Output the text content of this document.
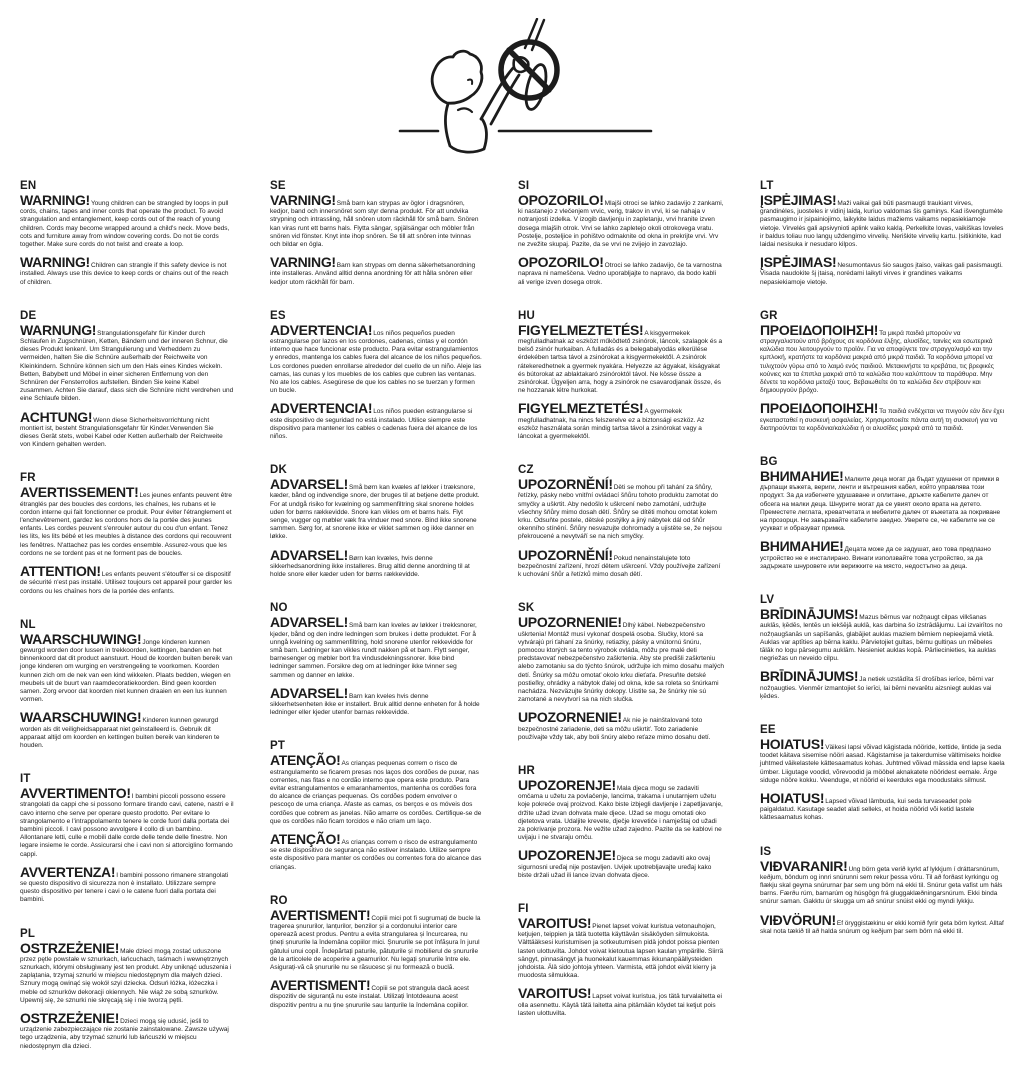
EN

WARNING!Young children can be strangled by loops in pull cords, chains, tapes and inner cords that operate the product. To avoid strangulation and entanglement, keep cords out of the reach of young children. Cords may become wrapped around a child's neck. Move beds, cots and furniture away from window covering cords. Do not tie cords together. Make sure cords do not twist and create a loop.

WARNING!Children can strangle if this safety device is not installed. Always use this device to keep cords or chains out of the reach of children.

DE

WARNUNG!Strangulationsgefahr für Kinder durch Schlaufen in Zugschnüren, Ketten, Bändern und der inneren Schnur, die dieses Produkt lenken!. Um Strangulierung und Verheddern zu vermeiden, halten Sie die Schnüre außerhalb der Reichweite von Kleinkindern. Schnüre können sich um den Hals eines Kindes wickeln. Betten, Babybett und Möbel in einer sicheren Entfernung von den Schnüren der Fensterrollos aufstellen. Binden Sie keine Kabel zusammen. Achten Sie darauf, dass sich die Schnüre nicht verdrehen und eine Schlaufe bilden.

ACHTUNG!Wenn diese Sicherheitsvorrichtung nicht montiert ist, besteht Strangulationsgefahr für Kinder.Verwenden Sie dieses Gerät stets, wobei Kabel oder Ketten außerhalb der Reichweite von Kindern gehalten werden.

FR

AVERTISSEMENT!Les jeunes enfants peuvent être étranglés par des boucles des cordons, les chaînes, les rubans et le cordon interne qui fait fonctionner ce produit. Pour éviter l'étranglement et l'enchevêtrement, gardez les cordons hors de la portée des jeunes enfants. Les cordes peuvent s'enrouler autour du cou d'un enfant. Tenez les lits, les lits bébé et les meubles à distance des cordons qui recouvrent les fenêtres. N'attachez pas les cordes ensemble. Assurez-vous que les cordons ne se tordent pas et ne forment pas de boucles.

ATTENTION!Les enfants peuvent s'étouffer si ce dispositif de sécurité n'est pas installé. Utilisez toujours cet appareil pour garder les cordons ou les chaînes hors de la portée des enfants.

NL

WAARSCHUWING!Jonge kinderen kunnen gewurgd worden door lussen in trekkoorden, kettingen, banden en het binnenkoord dat dit product aanstuurt. Houd de koorden buiten bereik van jonge kinderen om wurging en verstrengeling te voorkomen. Koorden kunnen zich om de nek van een kind wikkelen. Plaats bedden, wiegen en meubels uit de buurt van raamdecoratiekoorden. Bind geen koorden samen. Zorg ervoor dat koorden niet kunnen draaien en een lus kunnen vormen.

WAARSCHUWING!Kinderen kunnen gewurgd worden als dit veiligheidsapparaat niet geïnstalleerd is. Gebruik dit apparaat altijd om koorden en kettingen buiten bereik van kinderen te houden.

IT

AVVERTIMENTO!I bambini piccoli possono essere strangolati da cappi che si possono formare tirando cavi, catene, nastri e il cavo interno che serve per operare questo prodotto. Per evitare lo strangolamento e l'intrappolamento tenere le corde fuori dalla portata dei bambini piccoli. I cavi possono avvolgere il collo di un bambino. Allontanare letti, culle e mobili dalle corde delle tende delle finestre. Non legare insieme le corde. Assicurarsi che i cavi non si attorciglino formando cappi.

AVVERTENZA!I bambini possono rimanere strangolati se questo dispositivo di sicurezza non è installato. Utilizzare sempre questo dispositivo per tenere i cavi o le catene fuori dalla portata dei bambini.

PL

OSTRZEŻENIE!Małe dzieci mogą zostać uduszone przez pętle powstałe w sznurkach, łańcuchach, taśmach i wewnętrznych sznurkach, którymi obsługiwany jest ten produkt. Aby uniknąć uduszenia i zaplątania, trzymaj sznurki w miejscu niedostępnym dla małych dzieci. Sznury mogą owinąć się wokół szyi dziecka. Odsuń łóżka, łóżeczka i meble od sznurków dekoracji okiennych. Nie wiąż ze sobą sznurków. Upewnij się, że sznurki nie skręcają się i nie tworzą pętli.

OSTRZEŻENIE!Dzieci mogą się udusić, jeśli to urządzenie zabezpieczające nie zostanie zainstalowane. Zawsze używaj tego urządzenia, aby trzymać sznurki lub łańcuszki w miejscu niedostępnym dla dzieci.

SE

VARNING!Små barn kan strypas av öglor i dragsnören, kedjor, band och innersnöret som styr denna produkt. För att undvika strypning och intrassling, håll snören utom räckhåll för små barn. Snören kan viras runt ett barns hals. Flytta sängar, spjälsängar och möbler från snören vid fönster. Knyt inte ihop snören. Se till att snören inte tvinnas och bildar en ögla.

VARNING!Barn kan strypas om denna säkerhetsanordning inte installeras. Använd alltid denna anordning för att hålla snören eller kedjor utom räckhåll för barn.

ES

ADVERTENCIA!Los niños pequeños pueden estrangularse por lazos en los cordones, cadenas, cintas y el cordón interno que hace funcionar este producto. Para evitar estrangulamientos y enredos, mantenga los cables fuera del alcance de los niños pequeños. Los cordones pueden enrollarse alrededor del cuello de un niño. Aleje las camas, las cunas y los muebles de los cables que cubren las ventanas. No ate los cables. Asegúrese de que los cables no se tuerzan y formen un bucle.

ADVERTENCIA!Los niños pueden estrangularse si este dispositivo de seguridad no está instalado. Utilice siempre este dispositivo para mantener los cables o cadenas fuera del alcance de los niños.

DK

ADVARSEL!Små børn kan kvæles af løkker i træksnore, kæder, bånd og indvendige snore, der bruges til at betjene dette produkt. For at undgå risiko for kvælning og sammenfiltring skal snorene holdes uden for børns rækkevidde. Snore kan vikles om et barns hals. Flyt senge, vugger og møbler væk fra vinduer med snore. Bind ikke snorene sammen. Sørg for, at snorene ikke er viklet sammen og ikke danner en løkke.

ADVARSEL!Børn kan kvæles, hvis denne sikkerhedsanordning ikke installeres. Brug altid denne anordning til at holde snore eller kæder uden for børns rækkevidde.

NO

ADVARSEL!Små barn kan kveles av løkker i trekksnorer, kjeder, bånd og den indre ledningen som brukes i dette produktet. For å unngå kvelning og sammenfiltring, hold snorene utenfor rekkevidde for små barn. Ledninger kan vikles rundt nakken på et barn. Flytt senger, barnesenger og møbler bort fra vindusdekningssnorer. Ikke bind ledninger sammen. Forsikre deg om at ledninger ikke tvinner seg sammen og danner en løkke.

ADVARSEL!Barn kan kveles hvis denne sikkerhetsenheten ikke er installert. Bruk alltid denne enheten for å holde ledninger eller kjeder utenfor barnas rekkevidde.

PT

ATENÇÃO!As crianças pequenas correm o risco de estrangulamento se ficarem presas nos laços dos cordões de puxar, nas correntes, nas fitas e no cordão interno que opera este produto. Para evitar estrangulamentos e emaranhamentos, mantenha os cordões fora do alcance de crianças pequenas. Os cordões podem envolver o pescoço de uma criança. Afaste as camas, os berços e os móveis dos cordões que cobrem as janelas. Não amarre os cordões. Certifique-se de que os cordões não ficam torcidos e não criam um laço.

ATENÇÃO!As crianças correm o risco de estrangulamento se este dispositivo de segurança não estiver instalado. Utilize sempre este dispositivo para manter os cordões ou correntes fora do alcance das crianças.

RO

AVERTISMENT!Copiii mici pot fi sugrumați de bucle la tragerea șnururilor, lanțurilor, benzilor și a cordonului interior care operează acest produs. Pentru a evita strangularea și încurcarea, nu țineți șnururile la îndemâna copiilor mici. Șnururile se pot înfășura în jurul gâtului unui copil. Îndepărtați paturile, pătuțurile și mobilierul de șnururile de la articolele de acoperire a geamurilor. Nu legați șnururile între ele. Asigurați-vă că șnururile nu se răsucesc și nu formează o buclă.

AVERTISMENT!Copiii se pot strangula dacă acest dispozitiv de siguranță nu este instalat. Utilizați întotdeauna acest dispozitiv pentru a nu ține șnururile sau lanțurile la îndemâna copiilor.

SI

OPOZORILO!Mlajši otroci se lahko zadavijo z zankami, ki nastanejo z vlečenjem vrvic, verig, trakov in vrvi, ki se nahaja v notranjosti izdelka. V izogib davljenju in zapletanju, vrvi hranite izven dosega mlajših otrok. Vrvi se lahko zapletejo okoli otrokovega vratu. Postelje, posteljice in pohištvo odmaknite od okna in prekrijte vrvi. Vrv ne zvežite skupaj. Pazite, da se vrvi ne zvijejo in zavozlajo.

OPOZORILO!Otroci se lahko zadavijo, če ta varnostna naprava ni nameščena. Vedno uporabljajte to napravo, da bodo kabli ali verige izven dosega otrok.

HU

FIGYELMEZTETÉS!A kisgyermekek megfulladhatnak az eszközt működtető zsinórok, láncok, szalagok és a belső zsinór hurkaiban. A fulladás és a belegabalyodás elkerülése érdekében tartsa távol a zsinórokat a kisgyermekektől. A zsinórok rátekeredhetnek a gyermek nyakára. Helyezze az ágyakat, kiságyakat és bútorokat az ablaktakaró zsinóroktól távol. Ne kösse össze a zsinórokat. Ügyeljen arra, hogy a zsinórok ne csavarodjanak össze, és ne hozzanak létre hurkokat.

FIGYELMEZTETÉS!A gyermekek megfulladhatnak, ha nincs felszerelve ez a biztonsági eszköz. Az eszköz használata során mindig tartsa távol a zsinórokat vagy a láncokat a gyermekektől.

CZ

UPOZORNĚNÍ!Děti se mohou při tahání za šňůry, řetízky, pásky nebo vnitřní ovládací šňůru tohoto produktu zamotat do smyčky a uškrtit. Aby nedošlo k uškrcení nebo zamotání, udržujte všechny šňůry mimo dosah dětí. Šňůry se dítěti mohou omotat kolem krku. Odsuňte postele, dětské postýlky a jiný nábytek dál od šňůr okenního stínění. Šňůry nesvazujte dohromady a ujistěte se, že nejsou překroucené a nevytváří se na nich smyčky.

UPOZORNĚNÍ!Pokud nenainstalujete toto bezpečnostní zařízení, hrozí dětem uškrcení. Vždy používejte zařízení k uchování šňůr a řetízků mimo dosah dětí.

SK

UPOZORNENIE!Dlhý kábel. Nebezpečenstvo uškrtenia! Montáž musí vykonať dospelá osoba. Slučky, ktoré sa vytvárajú pri ťahaní za šnúrky, retiazky, pásky a vnútornú šnúru, pomocou ktorých sa tento výrobok ovláda, môžu pre malé deti predstavovať nebezpečenstvo zaškrtenia. Aby ste predišli zaškrteniu alebo zamotaniu sa do týchto šnúrok, udržujte ich mimo dosahu malých detí. Šnúrky sa môžu omotať okolo krku dieťaťa. Presuňte detské postieľky, ohrádky a nábytok ďalej od okna, kde sa roleta so šnúrkami nachádza. Nezväzujte šnúrky dokopy. Uistite sa, že šnúrky nie sú zamotané a nevytvorí sa na nich slučka.

UPOZORNENIE!Ak nie je nainštalované toto bezpečnostné zariadenie, deti sa môžu uškrtiť. Toto zariadenie používajte vždy tak, aby boli šnúry alebo reťaze mimo dosahu detí.

HR

UPOZORENJE!Mala djeca mogu se zadaviti omčama u užetu za povlačenje, lancima, trakama i unutarnjem užetu koje pokreće ovaj proizvod. Kako biste izbjegli davljenje i zapetljavanje, držite užad izvan dohvata male djece. Užad se mogu omotati oko djetetova vrata. Udaljite krevete, dječje krevetiće i namještaj od užadi za pokrivanje prozora. Ne vežite užad zajedno. Pazite da se kablovi ne uvijaju i ne stvaraju omču.

UPOZORENJE!Djeca se mogu zadaviti ako ovaj sigurnosni uređaj nije postavljen. Uvijek upotrebljavajte uređaj kako biste držali užad ili lance izvan dohvata djece.

FI

VAROITUS!Pienet lapset voivat kuristua vetonauhojen, ketjujen, teippien ja tätä tuotetta käyttävän sisäköyden silmukoista. Välttääksesi kuristumisen ja sotkeutumisen pidä johdot poissa pienten lasten ulottuvilta. Johdot voivat kietoutua lapsen kaulan ympärille. Siirrä sängyt, pinnasängyt ja huonekalut kauemmas ikkunanpäällysteiden johdoista. Älä sido johtoja yhteen. Varmista, että johdot eivät kierry ja muodosta silmukkaa.

VAROITUS!Lapset voivat kuristua, jos tätä turvalaitetta ei olla asennettu. Käytä tätä laitetta aina pitämään köydet tai ketjut pois lasten ulottuvilta.

LT

ĮSPĖJIMAS!Maži vaikai gali būti pasmaugti traukiant virves, grandinėles, juosteles ir vidinį laidą, kuriuo valdomas šis gaminys. Kad išvengtumėte pasmaugimo ir įsipainiojimo, laikykite laidus mažiems vaikams nepasiekiamoje vietoje. Virvelės gali apsivynioti aplink vaiko kaklą. Perkelkite lovas, vaikiškas loveles ir baldus toliau nuo langų uždengimo virvelių. Neriškite virvelių kartu. Įsitikinkite, kad laidai nesisuka ir nesudaro kilpos.

ĮSPĖJIMAS!Nesumontavus šio saugos įtaiso, vaikas gali pasismaugti. Visada naudokite šį įtaisą, norėdami laikyti virves ir grandines vaikams nepasiekiamoje vietoje.

GR

ΠΡΟΕΙΔΟΠΟΙΗΣΗ!Τα μικρά παιδιά μπορούν να στραγγαλιστούν από βρόχους σε κορδόνια έλξης, αλυσίδες, ταινίες και εσωτερικά καλώδια που λειτουργούν το προϊόν. Για να αποφύγετε τον στραγγαλισμό και την εμπλοκή, κρατήστε τα κορδόνια μακριά από μικρά παιδιά. Τα κορδόνια μπορεί να τυλιχτούν γύρω από το λαιμό ενός παιδιού. Μετακινήστε τα κρεβάτια, τις βρεφικές κούνιες και τα έπιπλα μακριά από τα καλώδια που καλύπτουν τα παράθυρα. Μην δένετε τα κορδόνια μεταξύ τους. Βεβαιωθείτε ότι τα καλώδια δεν στρίβουν και δημιουργούν βρόχο.

ΠΡΟΕΙΔΟΠΟΙΗΣΗ!Τα παιδιά ενδέχεται να πνιγούν εάν δεν έχει εγκατασταθεί η συσκευή ασφαλείας. Χρησιμοποιείτε πάντα αυτή τη συσκευή για να διατηρούνται τα κορδόνια/καλώδια ή οι αλυσίδες μακριά από τα παιδιά.

BG

ВНИМАНИЕ!Малките деца могат да бъдат удушени от примки в дърпащи въжета, вериги, ленти и вътрешния кабел, който управлява този продукт. За да избегнете удушаване и оплитане, дръжте кабелите далеч от обсега на малки деца. Шнурите могат да се увият около врата на детето. Преместете леглата, креватчетата и мебелите далеч от въжетата за покриване на прозорци. Не завързвайте кабелите заедно. Уверете се, че кабелите не се усукват и образуват примка.

ВНИМАНИЕ!Децата може да се задушат, ако това предпазно устройство не е инсталирано. Винаги използвайте това устройство, за да задържате шнуровете или верижките на място, недостъпно за деца.

LV

BRĪDINĀJUMS!Mazus bērnus var nožņaugt cilpas vilkšanas auklās, ķēdēs, lentēs un iekšējā auklā, kas darbina šo izstrādājumu. Lai izvairītos no nožņaugšanās un sapīšanās, glabājiet auklas maziem bērniem nepieejamā vietā. Auklas var aptīties ap bērna kaklu. Pārvietojiet gultas, bērnu gultiņas un mēbeles tālāk no logu pārsegumu auklām. Nesieniet auklas kopā. Pārliecinieties, ka auklas negriežas un neveido cilpu.

BRĪDINĀJUMS!Ja netiek uzstādīta šī drošības ierīce, bērni var nožņaugties. Vienmēr izmantojiet šo ierīci, lai bērni nevarētu aizsniegt auklas vai ķēdes.

EE

HOIATUS!Väikesi lapsi võivad kägistada nööride, kettide, lintide ja seda toodet käitava sisemise nööri aasad. Kägistamise ja takerdumise vältimiseks hoidke juhtmed väikelastele kättesaamatus kohas. Juhtmed võivad mässida end lapse kaela ümber. Liigutage voodid, võrevoodid ja mööbel aknakatete nööridest eemale. Ärge siduge nööre kokku. Veenduge, et nöörid ei keerduks ega moodustaks silmust.

HOIATUS!Lapsed võivad lämbuda, kui seda turvaseadet pole paigaldatud. Kasutage seadet alati selleks, et hoida nöörid või ketid lastele kättesaamatus kohas.

IS

VIÐVARANIR!Ung börn geta verið kyrkt af lykkjum í dráttarsnúrum, keðjum, böndum og innri snúrunni sem rekur þessa vöru. Til að forðast kyrkingu og flækju skal geyma snúrurnar þar sem ung börn ná ekki til. Snúrur geta vafist um háls barns. Færðu rúm, barnarúm og húsgögn frá gluggaklæðningarsnúrum. Ekki binda snúrur saman. Gakktu úr skugga um að snúrur snúist ekki og myndi lykkju.

VIÐVÖRUN!Ef öryggistækinu er ekki komið fyrir geta börn kyrkst. Alltaf skal nota tækið til að halda snúrum og keðjum þar sem börn ná ekki til.
